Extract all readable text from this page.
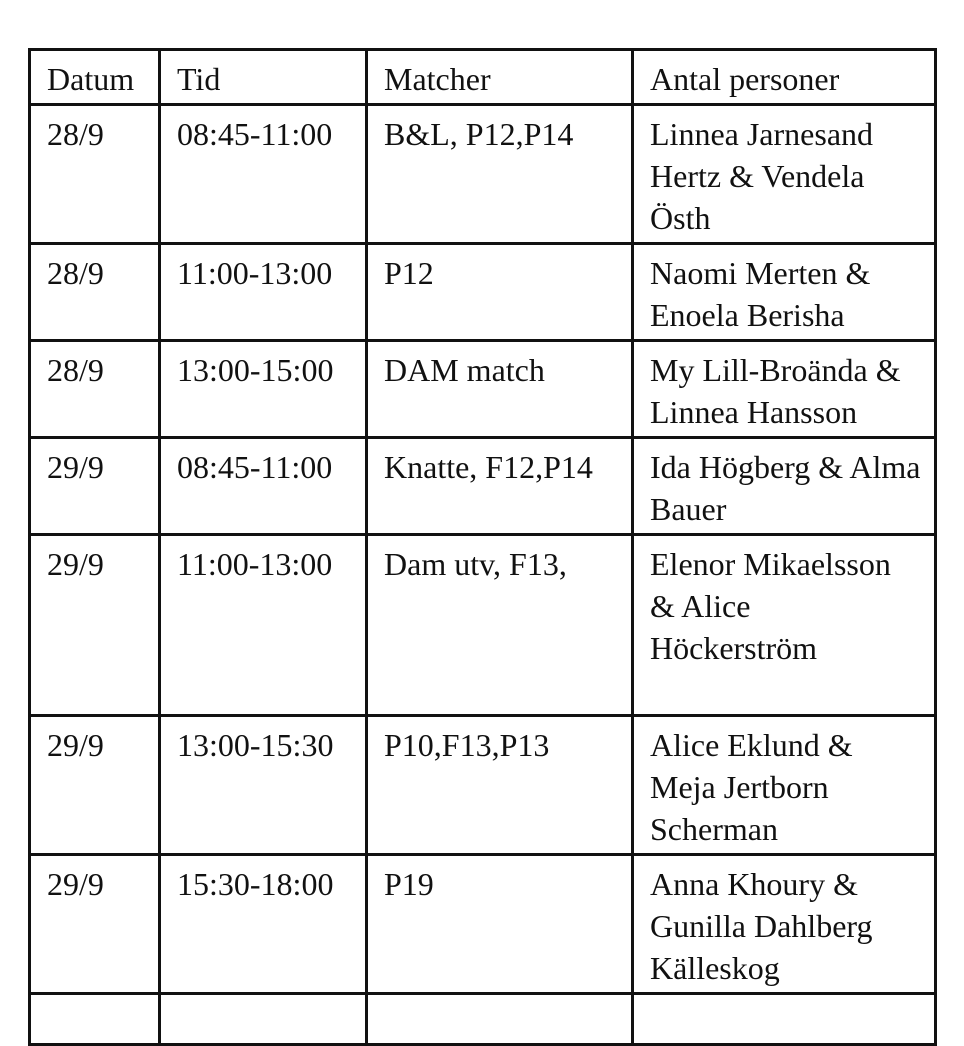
Datum	Tid	Matcher	Antal personer
28/9	08:45-11:00	B&L, P12,P14	Linnea Jarnesand Hertz & Vendela Östh
28/9	11:00-13:00	P12	Naomi Merten & Enoela Berisha
28/9	13:00-15:00	DAM match	My Lill-Broända & Linnea Hansson
29/9	08:45-11:00	Knatte, F12,P14	Ida Högberg & Alma Bauer
29/9	11:00-13:00	Dam utv, F13,	Elenor Mikaelsson & Alice Höckerström
29/9	13:00-15:30	P10,F13,P13	Alice Eklund & Meja Jertborn Scherman
29/9	15:30-18:00	P19	Anna Khoury & Gunilla Dahlberg Källeskog
